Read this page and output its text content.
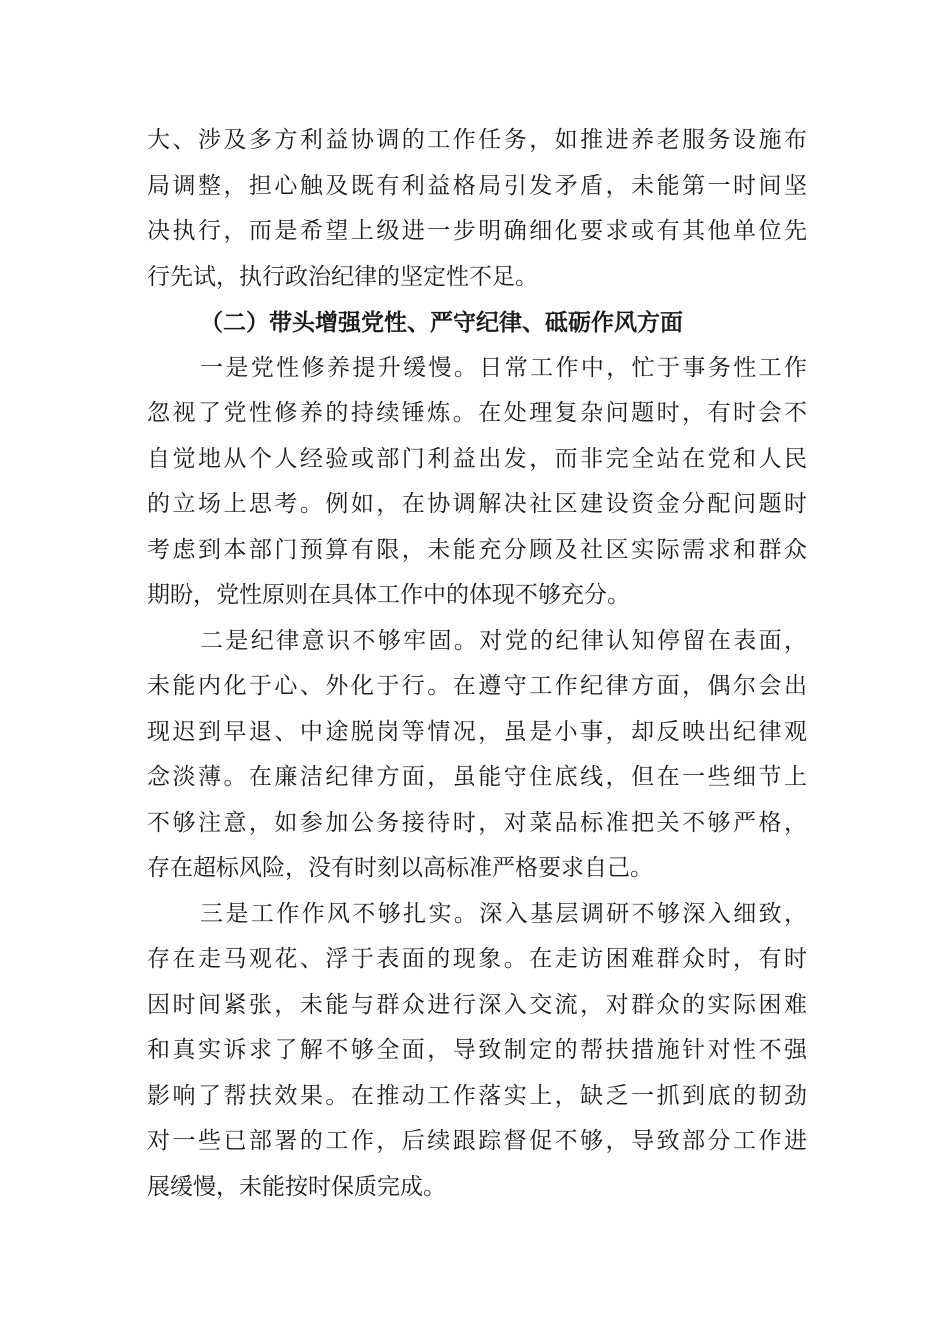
大、涉及多方利益协调的工作任务，如推进养老服务设施布
局调整，担心触及既有利益格局引发矛盾，未能第一时间坚
决执行，而是希望上级进一步明确细化要求或有其他单位先
行先试，执行政治纪律的坚定性不足。
（二）带头增强党性、严守纪律、砥砺作风方面
一是党性修养提升缓慢。日常工作中，忙于事务性工作
忽视了党性修养的持续锤炼。在处理复杂问题时，有时会不
自觉地从个人经验或部门利益出发，而非完全站在党和人民
的立场上思考。例如，在协调解决社区建设资金分配问题时
考虑到本部门预算有限，未能充分顾及社区实际需求和群众
期盼，党性原则在具体工作中的体现不够充分。
二是纪律意识不够牢固。对党的纪律认知停留在表面，
未能内化于心、外化于行。在遵守工作纪律方面，偶尔会出
现迟到早退、中途脱岗等情况，虽是小事，却反映出纪律观
念淡薄。在廉洁纪律方面，虽能守住底线，但在一些细节上
不够注意，如参加公务接待时，对菜品标准把关不够严格，
存在超标风险，没有时刻以高标准严格要求自己。
三是工作作风不够扎实。深入基层调研不够深入细致，
存在走马观花、浮于表面的现象。在走访困难群众时，有时
因时间紧张，未能与群众进行深入交流，对群众的实际困难
和真实诉求了解不够全面，导致制定的帮扶措施针对性不强
影响了帮扶效果。在推动工作落实上，缺乏一抓到底的韧劲
对一些已部署的工作，后续跟踪督促不够，导致部分工作进
展缓慢，未能按时保质完成。
